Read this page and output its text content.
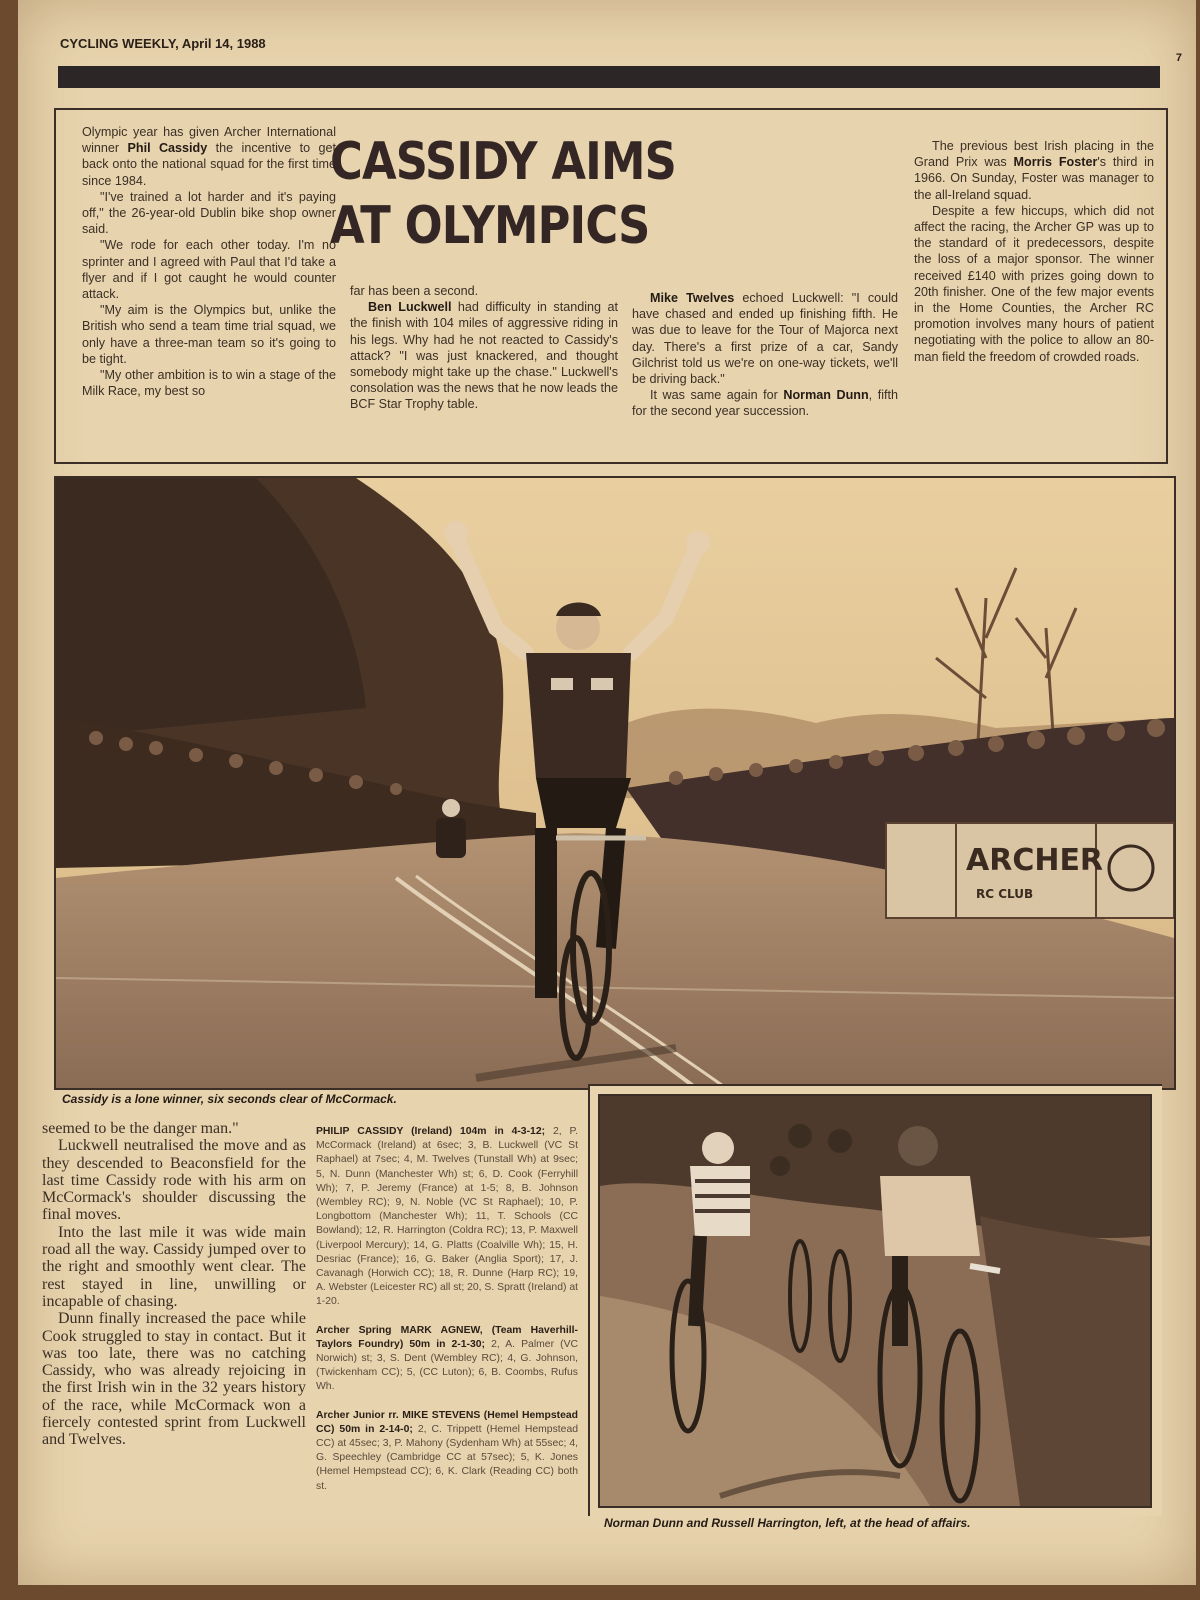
CYCLING WEEKLY, April 14, 1988
7

Olympic year has given Archer International winner Phil Cassidy the incentive to get back onto the national squad for the first time since 1984.

"I've trained a lot harder and it's paying off," the 26-year-old Dublin bike shop owner said.

"We rode for each other today. I'm no sprinter and I agreed with Paul that I'd take a flyer and if I got caught he would counter attack.

"My aim is the Olympics but, unlike the British who send a team time trial squad, we only have a three-man team so it's going to be tight.

"My other ambition is to win a stage of the Milk Race, my best so

CASSIDY AIMS
AT OLYMPICS

far has been a second.

Ben Luckwell had difficulty in standing at the finish with 104 miles of aggressive riding in his legs. Why had he not reacted to Cassidy's attack? "I was just knackered, and thought somebody might take up the chase." Luckwell's consolation was the news that he now leads the BCF Star Trophy table.

Mike Twelves echoed Luckwell: "I could have chased and ended up finishing fifth. He was due to leave for the Tour of Majorca next day. There's a first prize of a car, Sandy Gilchrist told us we're on one-way tickets, we'll be driving back."

It was same again for Norman Dunn, fifth for the second year succession.

The previous best Irish placing in the Grand Prix was Morris Foster's third in 1966. On Sunday, Foster was manager to the all-Ireland squad.

Despite a few hiccups, which did not affect the racing, the Archer GP was up to the standard of it predecessors, despite the loss of a major sponsor. The winner received £140 with prizes going down to 20th finisher. One of the few major events in the Home Counties, the Archer RC promotion involves many hours of patient negotiating with the police to allow an 80-man field the freedom of crowded roads.

ARCHER
RC CLUB
Cassidy is a lone winner, six seconds clear of McCormack.
Norman Dunn and Russell Harrington, left, at the head of affairs.

seemed to be the danger man."

Luckwell neutralised the move and as they descended to Beaconsfield for the last time Cassidy rode with his arm on McCormack's shoulder discussing the final moves.

Into the last mile it was wide main road all the way. Cassidy jumped over to the right and smoothly went clear. The rest stayed in line, unwilling or incapable of chasing.

Dunn finally increased the pace while Cook struggled to stay in contact. But it was too late, there was no catching Cassidy, who was already rejoicing in the first Irish win in the 32 years history of the race, while McCormack won a fiercely contested sprint from Luckwell and Twelves.

PHILIP CASSIDY (Ireland) 104m in 4-3-12; 2, P. McCormack (Ireland) at 6sec; 3, B. Luckwell (VC St Raphael) at 7sec; 4, M. Twelves (Tunstall Wh) at 9sec; 5, N. Dunn (Manchester Wh) st; 6, D. Cook (Ferryhill Wh); 7, P. Jeremy (France) at 1-5; 8, B. Johnson (Wembley RC); 9, N. Noble (VC St Raphael); 10, P. Longbottom (Manchester Wh); 11, T. Schools (CC Bowland); 12, R. Harrington (Coldra RC); 13, P. Maxwell (Liverpool Mercury); 14, G. Platts (Coalville Wh); 15, H. Desriac (France); 16, G. Baker (Anglia Sport); 17, J. Cavanagh (Horwich CC); 18, R. Dunne (Harp RC); 19, A. Webster (Leicester RC) all st; 20, S. Spratt (Ireland) at 1-20.

Archer Spring MARK AGNEW, (Team Haverhill-Taylors Foundry) 50m in 2-1-30; 2, A. Palmer (VC Norwich) st; 3, S. Dent (Wembley RC); 4, G. Johnson, (Twickenham CC); 5, (CC Luton); 6, B. Coombs, Rufus Wh.

Archer Junior rr. MIKE STEVENS (Hemel Hempstead CC) 50m in 2-14-0; 2, C. Trippett (Hemel Hempstead CC) at 45sec; 3, P. Mahony (Sydenham Wh) at 55sec; 4, G. Speechley (Cambridge CC at 57sec); 5, K. Jones (Hemel Hempstead CC); 6, K. Clark (Reading CC) both st.
